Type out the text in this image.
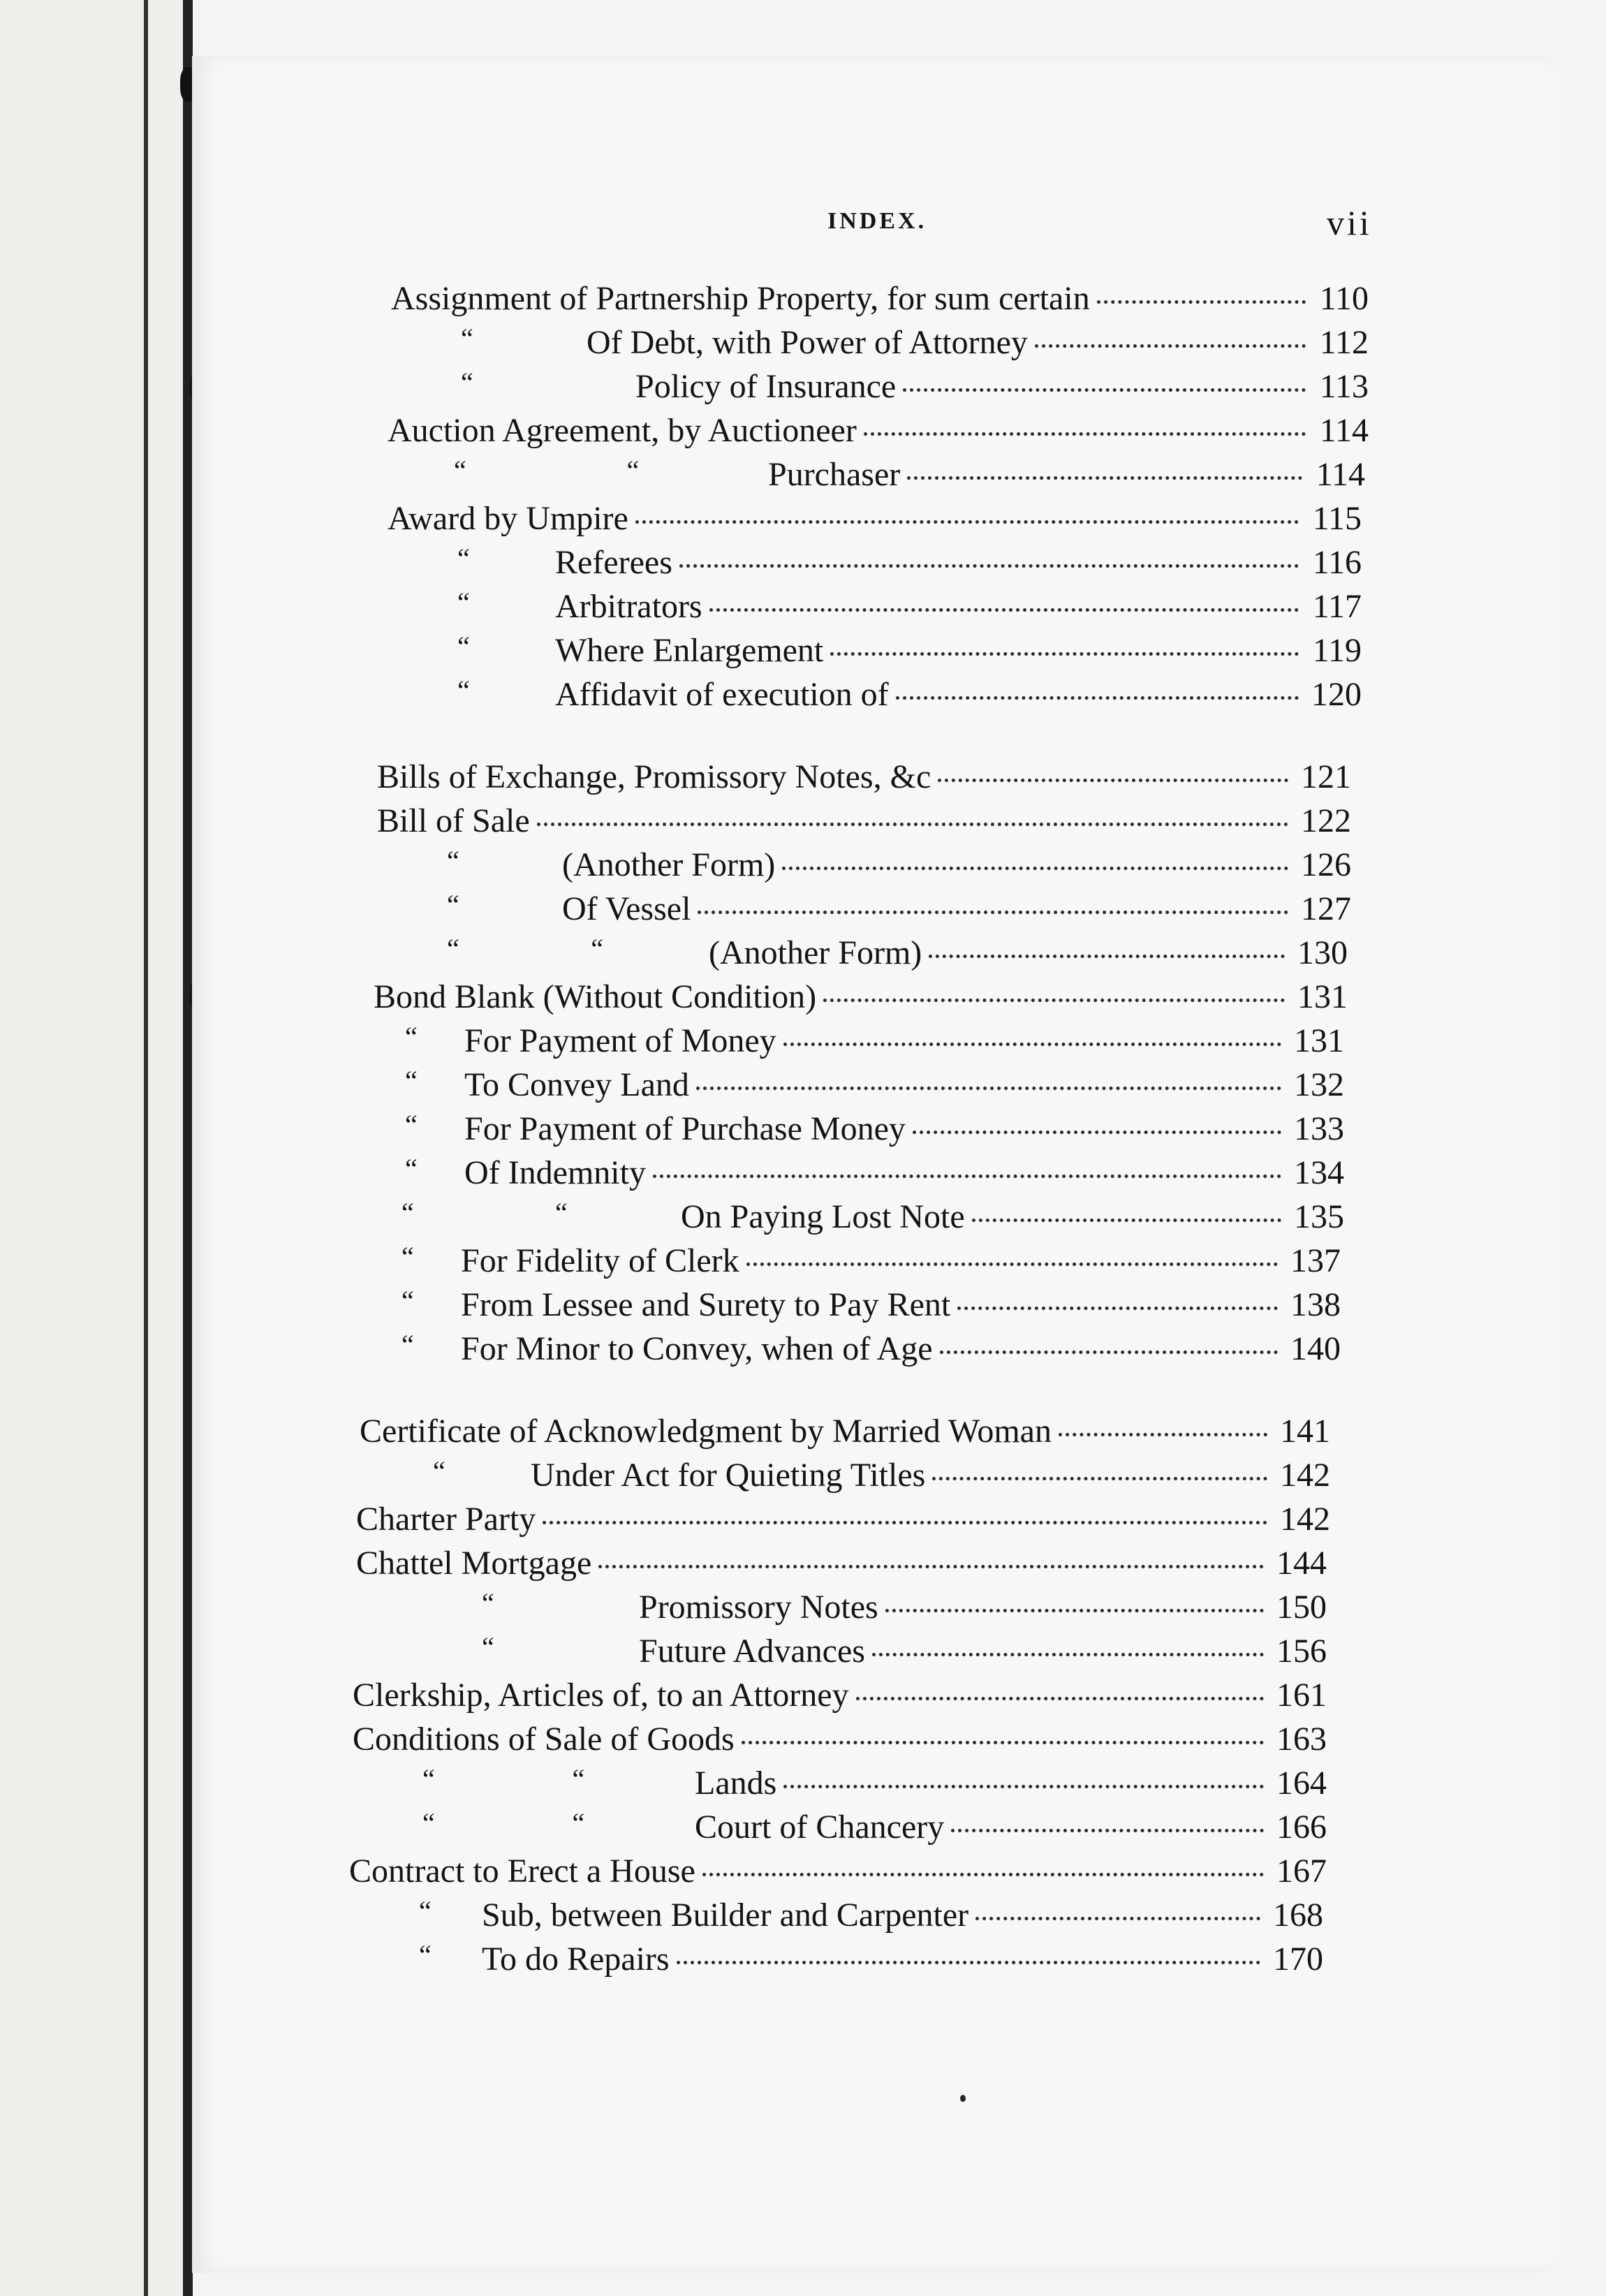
INDEX.	vii
Assignment of Partnership Property, for sum certain	110
“	Of Debt, with Power of Attorney	112
“	Policy of Insurance	113
Auction Agreement, by Auctioneer	114
“	“	Purchaser	114
Award by Umpire	115
“	Referees	116
“	Arbitrators	117
“	Where Enlargement	119
“	Affidavit of execution of	120
Bills of Exchange, Promissory Notes, &c	121
Bill of Sale	122
“	(Another Form)	126
“	Of Vessel	127
“	“	(Another Form)	130
Bond Blank (Without Condition)	131
“ For Payment of Money	131
“ To Convey Land	132
“ For Payment of Purchase Money	133
“ Of Indemnity	134
“	“	On Paying Lost Note	135
“ For Fidelity of Clerk	137
“ From Lessee and Surety to Pay Rent	138
“ For Minor to Convey, when of Age	140
Certificate of Acknowledgment by Married Woman	141
“	Under Act for Quieting Titles	142
Charter Party	142
Chattel Mortgage	144
“	Promissory Notes	150
“	Future Advances	156
Clerkship, Articles of, to an Attorney	161
Conditions of Sale of Goods	163
“	“	Lands	164
“	“	Court of Chancery	166
Contract to Erect a House	167
“ Sub, between Builder and Carpenter	168
“ To do Repairs	170
